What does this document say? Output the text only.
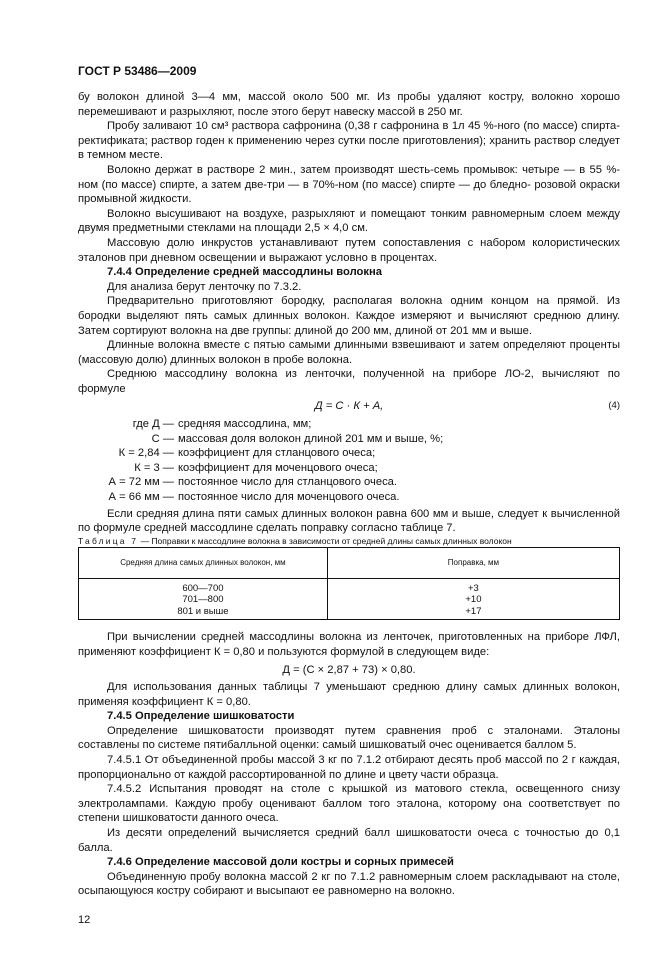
ГОСТ Р 53486—2009

бу волокон длиной 3—4 мм, массой около 500 мг. Из пробы удаляют костру, волокно хорошо перемешивают и разрыхляют, после этого берут навеску массой в 250 мг.

Пробу заливают 10 см³ раствора сафронина (0,38 г сафронина в 1л 45 %-ного (по массе) спирта-ректификата; раствор годен к применению через сутки после приготовления); хранить раствор следует в темном месте.

Волокно держат в растворе 2 мин., затем производят шесть-семь промывок: четыре — в 55 %-ном (по массе) спирте, а затем две-три — в 70%-ном (по массе) спирте — до бледно- розовой окраски промывной жидкости.

Волокно высушивают на воздухе, разрыхляют и помещают тонким равномерным слоем между двумя предметными стеклами на площади 2,5 × 4,0 см.

Массовую долю инкрустов устанавливают путем сопоставления с набором колористических эталонов при дневном освещении и выражают условно в процентах.

7.4.4 Определение средней массодлины волокна

Для анализа берут ленточку по 7.3.2.

Предварительно приготовляют бородку, располагая волокна одним концом на прямой. Из бородки выделяют пять самых длинных волокон. Каждое измеряют и вычисляют среднюю длину. Затем сортируют волокна на две группы: длиной до 200 мм, длиной от 201 мм и выше.

Длинные волокна вместе с пятью самыми длинными взвешивают и затем определяют проценты (массовую долю) длинных волокон в пробе волокна.

Среднюю массодлину волокна из ленточки, полученной на приборе ЛО-2, вычисляют по формуле

Д = С · К + А,	(4)
где Д — средняя массодлина, мм;
С — массовая доля волокон длиной 201 мм и выше, %;
К = 2,84 — коэффициент для стланцового очеса;
К = 3 — коэффициент для моченцового очеса;
А = 72 мм — постоянное число для стланцового очеса.
А = 66 мм — постоянное число для моченцового очеса.

Если средняя длина пяти самых длинных волокон равна 600 мм и выше, следует к вычисленной по формуле средней массодлине сделать поправку согласно таблице 7.

Таблица 7 — Поправки к массодлине волокна в зависимости от средней длины самых длинных волокон

Средняя длина самых длинных волокон, мм	Поправка, мм
600—700	+3
701—800	+10
801 и выше	+17

При вычислении средней массодлины волокна из ленточек, приготовленных на приборе ЛФЛ, применяют коэффициент К = 0,80 и пользуются формулой в следующем виде:

Д = (С × 2,87 + 73) × 0,80.

Для использования данных таблицы 7 уменьшают среднюю длину самых длинных волокон, применяя коэффициент К = 0,80.

7.4.5 Определение шишковатости

Определение шишковатости производят путем сравнения проб с эталонами. Эталоны составлены по системе пятибалльной оценки: самый шишковатый очес оценивается баллом 5.

7.4.5.1 От объединенной пробы массой 3 кг по 7.1.2 отбирают десять проб массой по 2 г каждая, пропорционально от каждой рассортированной по длине и цвету части образца.

7.4.5.2 Испытания проводят на столе с крышкой из матового стекла, освещенного снизу электролампами. Каждую пробу оценивают баллом того эталона, которому она соответствует по степени шишковатости данного очеса.

Из десяти определений вычисляется средний балл шишковатости очеса с точностью до 0,1 балла.

7.4.6 Определение массовой доли костры и сорных примесей

Объединенную пробу волокна массой 2 кг по 7.1.2 равномерным слоем раскладывают на столе, осыпающуюся костру собирают и высыпают ее равномерно на волокно.

12
